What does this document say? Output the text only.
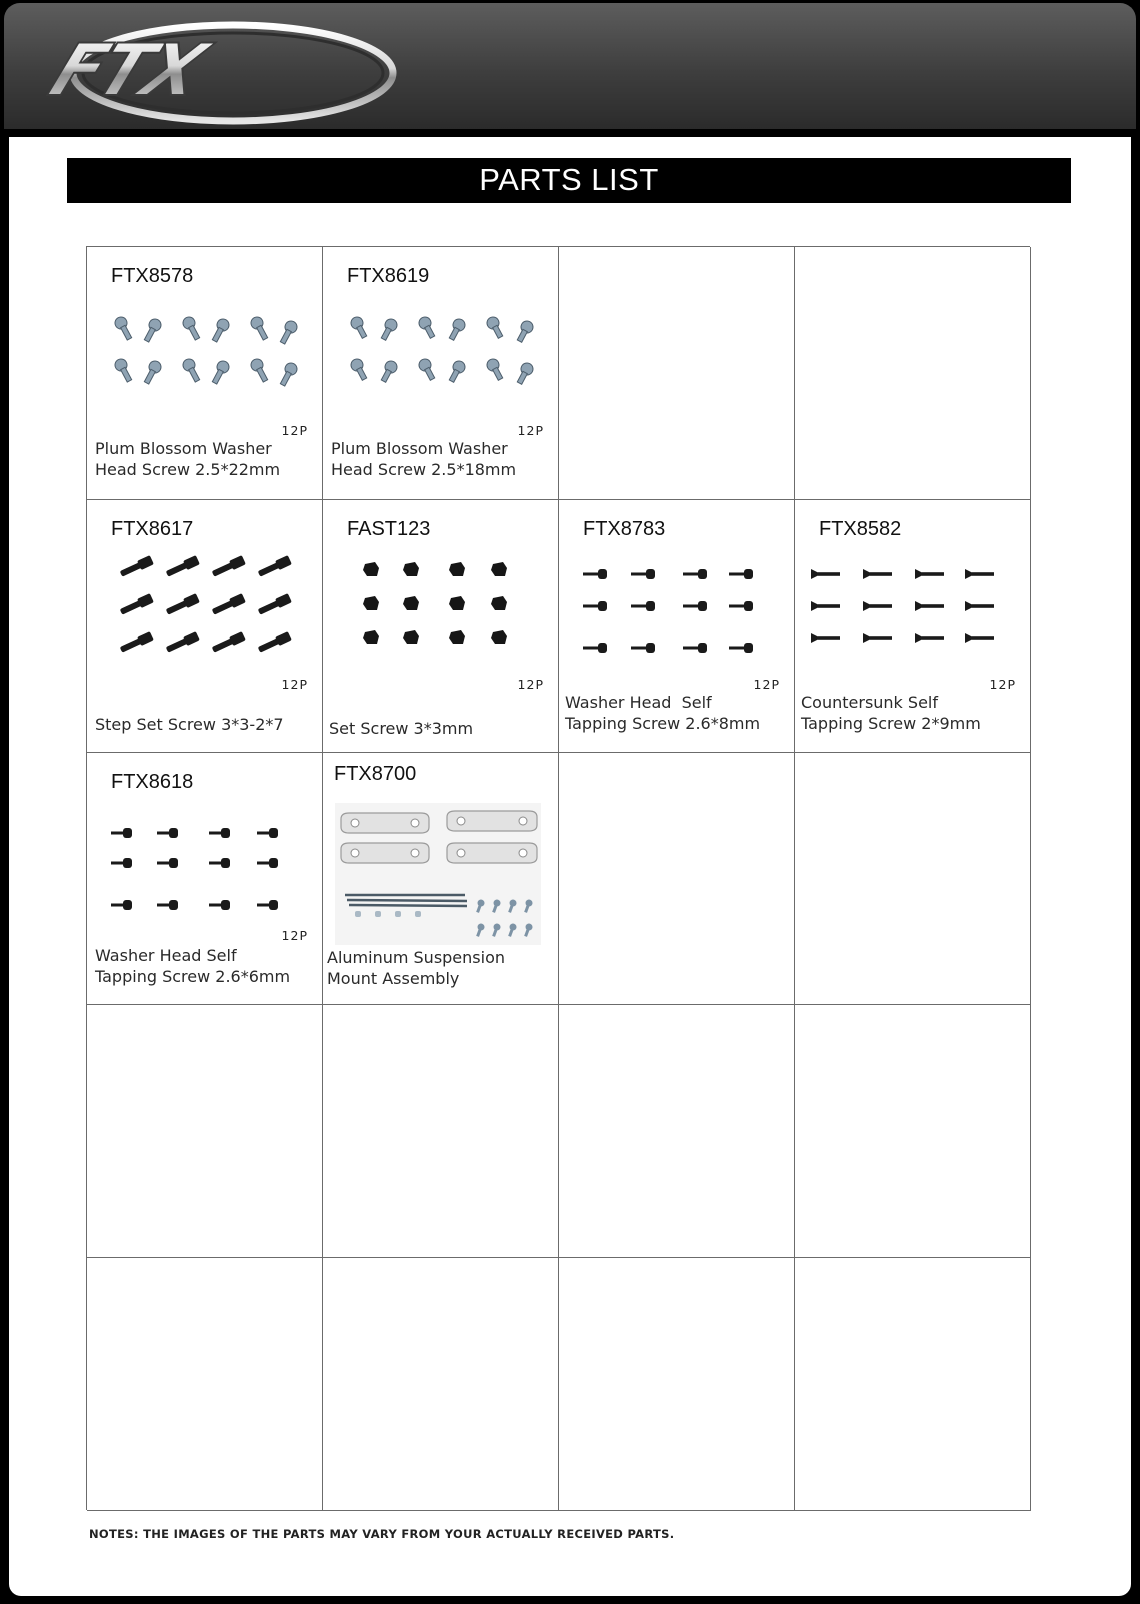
FTX
PARTS LIST
FTX8578
12P
Plum Blossom Washer
Head Screw 2.5*22mm
FTX8619
12P
Plum Blossom Washer
Head Screw 2.5*18mm
FTX8617
12P
Step Set Screw 3*3-2*7
FAST123
12P
Set Screw 3*3mm
FTX8783
12P
Washer Head  Self
Tapping Screw 2.6*8mm
FTX8582
12P
Countersunk Self
Tapping Screw 2*9mm
FTX8618
12P
Washer Head Self
Tapping Screw 2.6*6mm
FTX8700
Aluminum Suspension
Mount Assembly
NOTES: THE IMAGES OF THE PARTS MAY VARY FROM YOUR ACTUALLY RECEIVED PARTS.
